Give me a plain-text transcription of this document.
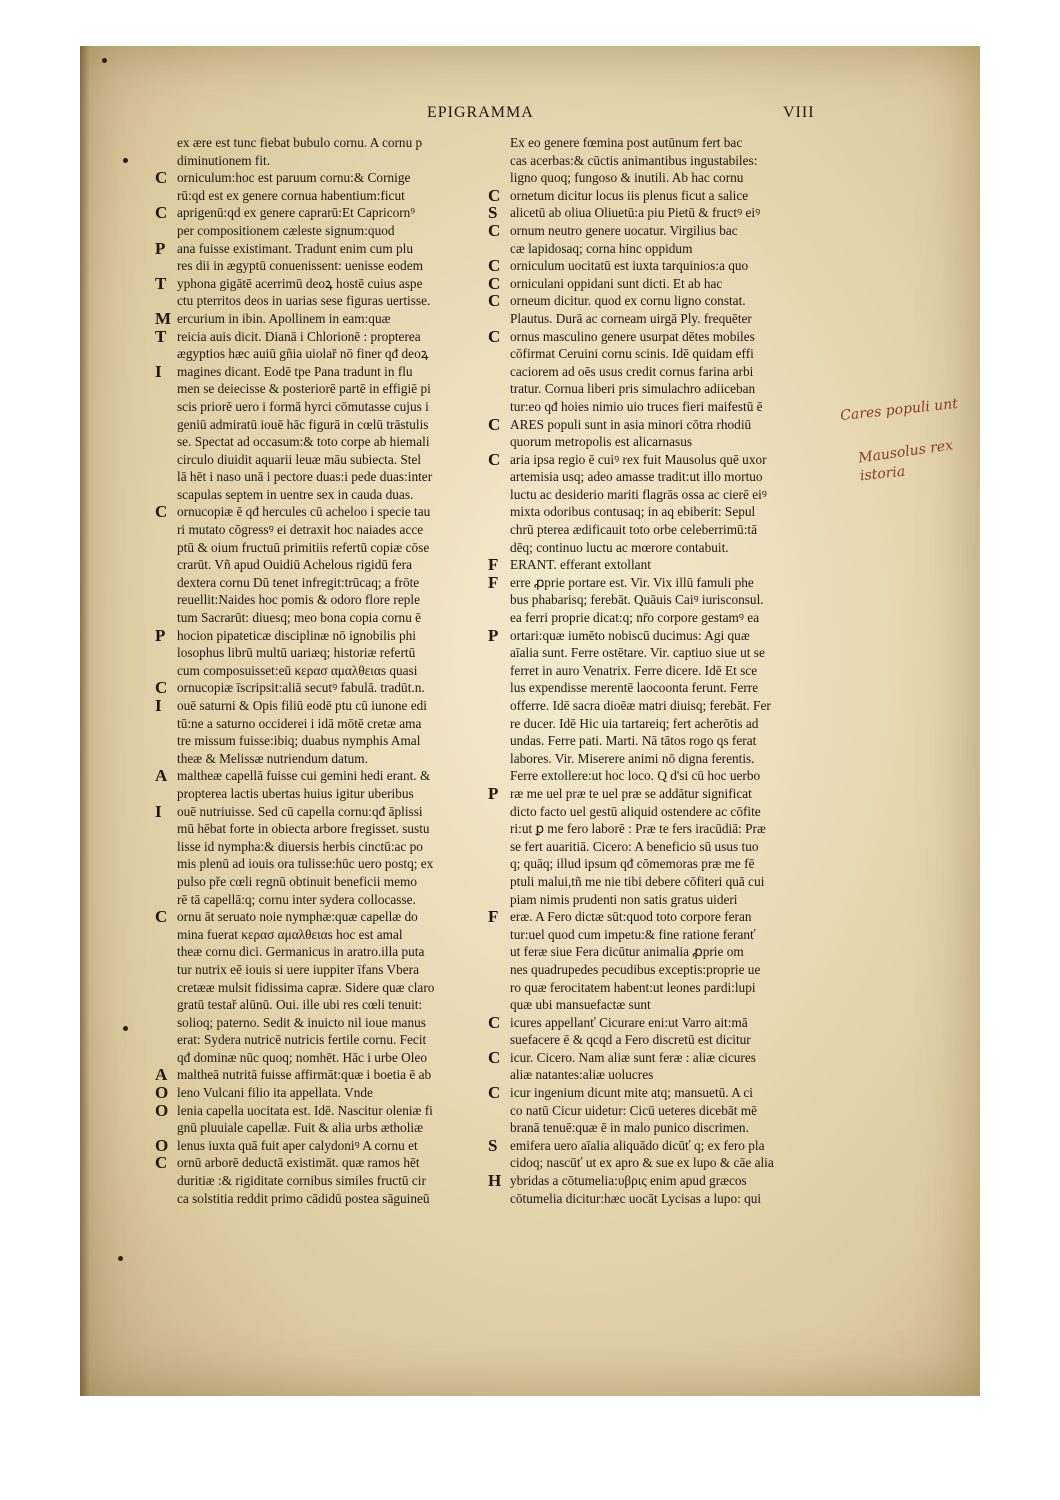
EPIGRAMMA	VIII
ex ære est tunc fiebat bubulo cornu. A cornu p
diminutionem fit.
C orniculum:hoc est paruum cornu:& Cornige
rū:qd est ex genere cornua habentium:ficut
C aprigenū:qd ex genere caprarū:Et Capricorn⁹
per compositionem cæleste signum:quod
P ana fuisse existimant. Tradunt enim cum plu
res dii in ægyptū conuenissent: uenisse eodem
T yphona gigātē acerrimū deoꝝ hostē cuius aspe
ctu pterritos deos in uarias sese figuras uertisse.
M ercurium in ibin. Apollinem in eam:quæ
T reicia auis dicit. Dianā i Chlorionē : propterea
ægyptios hæc auiū gñia uiolař nō finer qđ deoꝝ
I	magines dicant. Eodē tpe Pana tradunt in flu
men se deiecisse & posteriorē partē in effigiē pi
scis priorē uero i formā hyrci cōmutasse cujus i
geniū admiratū iouē hāc figurā in cœlū trāstulis
se. Spectat ad occasum:& toto corpe ab hiemali
circulo diuidit aquarii leuæ māu subiecta. Stel
lā hēt i naso unā i pectore duas:i pede duas:inter
scapulas septem in uentre sex in cauda duas.
C ornucopiæ ē qđ hercules cū acheloo i specie tau
ri mutato cōgressꝰ ei detraxit hoc naiades acce
ptū & oium fructuū primitiis refertū copiæ cōse
crarūt. Vñ apud Ouidiū Achelous rigidū fera
dextera cornu Dū tenet infregit:trūcaq; a frōte
reuellit:Naides hoc pomis & odoro flore reple
tum Sacrarūt: diuesq; meo bona copia cornu ē
P hocion pipateticæ disciplinæ nō ignobilis phi
losophus librū multū uariæq; historiæ refertū
cum composuisset:eū κερασ αμαλθειαs quasi
C ornucopiæ īscripsit:aliā secutꝰ fabulā. tradūt.n.
I	ouē saturni & Opis filiū eodē ptu cū iunone edi
tū:ne a saturno occiderei i idā mōtē cretæ ama
tre missum fuisse:ibiq; duabus nymphis Amal
theæ & Melissæ nutriendum datum.
A maltheæ capellā fuisse cui gemini hedi erant. &
propterea lactis ubertas huius igitur uberibus
I	ouē nutriuisse. Sed cū capella cornu:qđ āplissi
mū hēbat forte in obiecta arbore fregisset. sustu
lisse id nympha:& diuersis herbis cinctū:ac po
mis plenū ad iouis ora tulisse:hūc uero postq; ex
pulso pře cœli regnū obtinuit beneficii memo
rē tā capellā:q; cornu inter sydera collocasse.
C ornu āt seruato noie nymphæ:quæ capellæ do
mina fuerat κερασ αμαλθειαs hoc est amal
theæ cornu dici. Germanicus in aratro.illa puta
tur nutrix eē iouis si uere iuppiter īfans Vbera
cretææ mulsit fidissima capræ. Sidere quæ claro
gratū testař alūnū. Oui. ille ubi res cœli tenuit:
solioq; paterno. Sedit & inuicto nil ioue manus
erat: Sydera nutricē nutricis fertile cornu. Fecit
qđ dominæ nūc quoq; nomhēt. Hāc i urbe Oleo
A maltheā nutritā fuisse affirmāt:quæ i boetia ē ab
O leno Vulcani filio ita appellata. Vnde
O lenia capella uocitata est. Idē. Nascitur oleniæ fi
gnū pluuiale capellæ. Fuit & alia urbs ætholiæ
O lenus iuxta quā fuit aper calydoniꝰ A cornu et
C ornū arborē deductā existimāt. quæ ramos hēt
duritiæ :& rigiditate cornibus similes fructū cir
ca solstitia reddit primo cādidū postea sāguineū
Ex eo genere fœmina post autūnum fert bac
cas acerbas:& cūctis animantibus ingustabiles:
ligno quoq; fungoso & inutili. Ab hac cornu
C ornetum dicitur locus iis plenus ficut a salice
S alicetū ab oliua Oliuetū:a piu Pietū & fructꝰ eiꝰ
C ornum neutro genere uocatur. Virgilius bac
cæ lapidosaq; corna hinc oppidum
C orniculum uocitatū est iuxta tarquinios:a quo
C orniculani oppidani sunt dicti. Et ab hac
C orneum dicitur. quod ex cornu ligno constat.
Plautus. Durā ac corneam uirgā Ply. frequēter
C ornus masculino genere usurpat dētes mobiles
cōfirmat Ceruini cornu scinis. Idē quidam effi
caciorem ad oēs usus credit cornus farina arbi
tratur. Cornua liberi pris simulachro adiiceban
tur:eo qđ hoies nimio uio truces fieri maifestū ē
C ARES populi sunt in asia minori cōtra rhodiū
quorum metropolis est alicarnasus
C aria ipsa regio ē cuiꝰ rex fuit Mausolus quē uxor
artemisia usq; adeo amasse tradit:ut illo mortuo
luctu ac desiderio mariti flagrās ossa ac cierē eiꝰ
mixta odoribus contusaq; in aq ebiberit: Sepul
chrū pterea ædificauit toto orbe celeberrimū:tā
dēq; continuo luctu ac mœrore contabuit.
F ERANT. efferant extollant
F erre ꝓprie portare est. Vir. Vix illū famuli phe
bus phabarisq; ferebāt. Quāuis Caiꝰ iurisconsul.
ea ferri proprie dicat:q; nr̄o corpore gestamꝰ ea
P ortari:quæ iumēto nobiscū ducimus: Agi quæ
aīalia sunt. Ferre ostētare. Vir. captiuo siue ut se
ferret in auro Venatrix. Ferre dicere. Idē Et sce
lus expendisse merentē laocoonta ferunt. Ferre
offerre. Idē sacra dioēæ matri diuisq; ferebāt. Fer
re ducer. Idē Hic uia tartareiq; fert acherōtis ad
undas. Ferre pati. Marti. Nā tātos rogo qs ferat
labores. Vir. Miserere animi nō digna ferentis.
Ferre extollere:ut hoc loco. Q d'si cū hoc uerbo
P ræ me uel præ te uel præ se addātur significat
dicto facto uel gestū aliquid ostendere ac cōfite
ri:ut ꝑ me fero laborē : Præ te fers iracūdiā: Præ
se fert auaritiā. Cicero: A beneficio sū usus tuo
q; quāq; illud ipsum qđ cōmemoras præ me fē
ptuli malui,tñ me nie tibi debere cōfiteri quā cui
piam nimis prudenti non satis gratus uideri
F eræ. A Fero dictæ sūt:quod toto corpore feran
tur:uel quod cum impetu:& fine ratione feranť
ut feræ siue Fera dicūtur animalia ꝓprie om
nes quadrupedes pecudibus exceptis:proprie ue
ro quæ ferocitatem habent:ut leones pardi:lupi
quæ ubi mansuefactæ sunt
C icures appellanť Cicurare eni:ut Varro ait:mā
suefacere ē & qcqd a Fero discretū est dicitur
C icur. Cicero. Nam aliæ sunt feræ : aliæ cicures
aliæ natantes:aliæ uolucres
C icur ingenium dicunt mite atq; mansuetū. A ci
co natū Cicur uidetur: Cicū ueteres dicebāt mē
branā tenuē:quæ ē in malo punico discrimen.
S emifera uero aīalia aliquādo dicūť q; ex fero pla
cidoq; nascūť ut ex apro & sue ex lupo & cāe alia
H ybridas a cōtumelia:υβρις enim apud græcos
cōtumelia dicitur:hæc uocāt Lycisas a lupo: qui
Cares populi unt
Mausolus rex
istoria
